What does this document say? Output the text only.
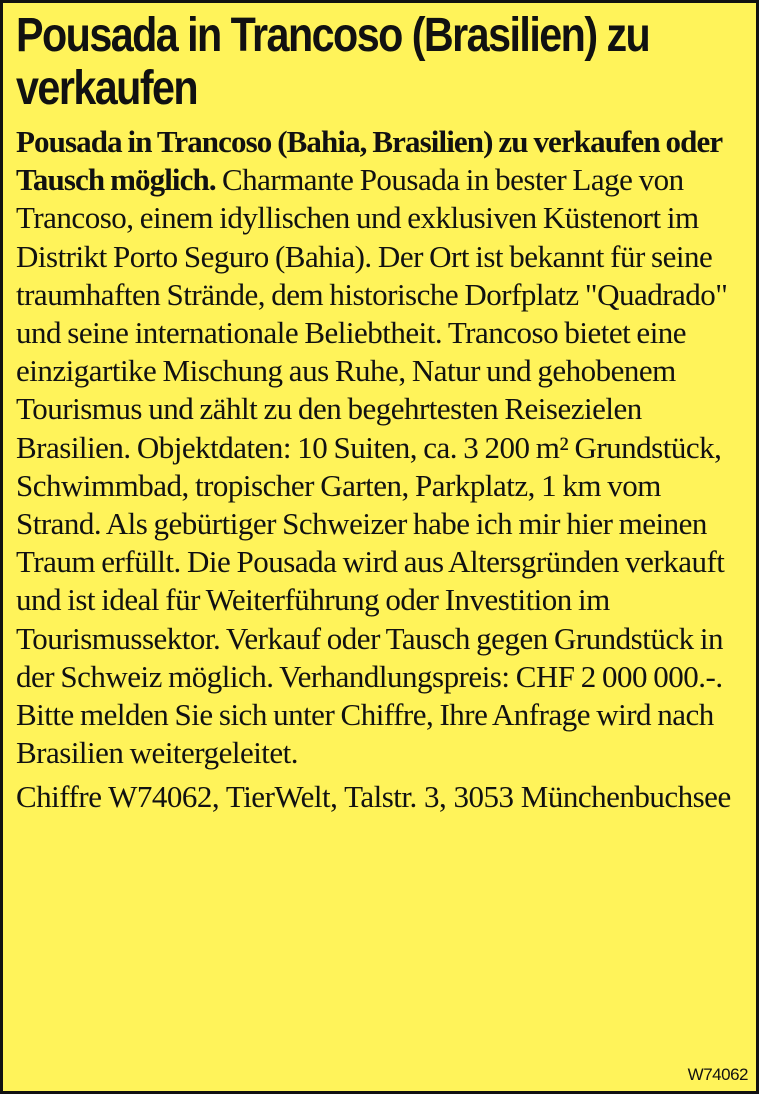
Pousada in Trancoso (Brasilien) zu verkaufen

Pousada in Trancoso (Bahia, Brasilien) zu verkaufen oder Tausch möglich. Charmante Pousada in bester Lage von Trancoso, einem idyllischen und exklusiven Küstenort im Distrikt Porto Seguro (Bahia). Der Ort ist bekannt für seine traumhaften Strände, dem historische Dorfplatz "Quadrado" und seine internationale Beliebtheit. Trancoso bietet eine einzigartike Mischung aus Ruhe, Natur und gehobenem Tourismus und zählt zu den begehrtesten Reisezielen Brasilien. Objektdaten: 10 Suiten, ca. 3 200 m² Grundstück, Schwimmbad, tropischer Garten, Parkplatz, 1 km vom Strand. Als gebürtiger Schweizer habe ich mir hier meinen Traum erfüllt. Die Pousada wird aus Altersgründen verkauft und ist ideal für Weiterführung oder Investition im Tourismussektor. Verkauf oder Tausch gegen Grundstück in der Schweiz möglich. Verhandlungspreis: CHF 2 000 000.-. Bitte melden Sie sich unter Chiffre, Ihre Anfrage wird nach Brasilien weitergeleitet.

Chiffre W74062, TierWelt, Talstr. 3, 3053 Münchenbuchsee

W74062
